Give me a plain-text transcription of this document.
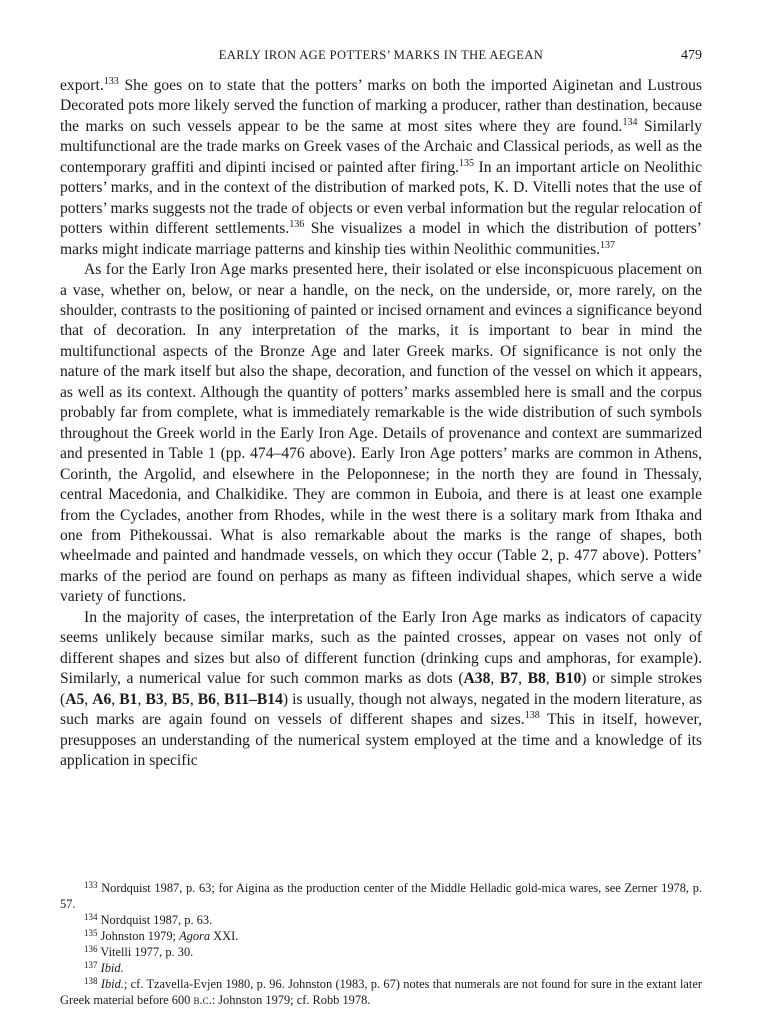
EARLY IRON AGE POTTERS’ MARKS IN THE AEGEAN	479

export.$^{133}$ She goes on to state that the potters’ marks on both the imported Aiginetan and Lustrous Decorated pots more likely served the function of marking a producer, rather than destination, because the marks on such vessels appear to be the same at most sites where they are found.$^{134}$ Similarly multifunctional are the trade marks on Greek vases of the Archaic and Classical periods, as well as the contemporary graffiti and dipinti incised or painted after firing.$^{135}$ In an important article on Neolithic potters’ marks, and in the context of the distribution of marked pots, K. D. Vitelli notes that the use of potters’ marks suggests not the trade of objects or even verbal information but the regular relocation of potters within different settlements.$^{136}$ She visualizes a model in which the distribution of potters’ marks might indicate marriage patterns and kinship ties within Neolithic communities.$^{137}$

As for the Early Iron Age marks presented here, their isolated or else inconspicuous placement on a vase, whether on, below, or near a handle, on the neck, on the underside, or, more rarely, on the shoulder, contrasts to the positioning of painted or incised ornament and evinces a significance beyond that of decoration. In any interpretation of the marks, it is important to bear in mind the multifunctional aspects of the Bronze Age and later Greek marks. Of significance is not only the nature of the mark itself but also the shape, decoration, and function of the vessel on which it appears, as well as its context. Although the quantity of potters’ marks assembled here is small and the corpus probably far from complete, what is immediately remarkable is the wide distribution of such symbols throughout the Greek world in the Early Iron Age. Details of provenance and context are summarized and presented in Table 1 (pp. 474–476 above). Early Iron Age potters’ marks are common in Athens, Corinth, the Argolid, and elsewhere in the Peloponnese; in the north they are found in Thessaly, central Macedonia, and Chalkidike. They are common in Euboia, and there is at least one example from the Cyclades, another from Rhodes, while in the west there is a solitary mark from Ithaka and one from Pithekoussai. What is also remarkable about the marks is the range of shapes, both wheelmade and painted and handmade vessels, on which they occur (Table 2, p. 477 above). Potters’ marks of the period are found on perhaps as many as fifteen individual shapes, which serve a wide variety of functions.

In the majority of cases, the interpretation of the Early Iron Age marks as indicators of capacity seems unlikely because similar marks, such as the painted crosses, appear on vases not only of different shapes and sizes but also of different function (drinking cups and amphoras, for example). Similarly, a numerical value for such common marks as dots (A38, B7, B8, B10) or simple strokes (A5, A6, B1, B3, B5, B6, B11–B14) is usually, though not always, negated in the modern literature, as such marks are again found on vessels of different shapes and sizes.$^{138}$ This in itself, however, presupposes an understanding of the numerical system employed at the time and a knowledge of its application in specific

$^{133}$ Nordquist 1987, p. 63; for Aigina as the production center of the Middle Helladic gold-mica wares, see Zerner 1978, p. 57.

$^{134}$ Nordquist 1987, p. 63.

$^{135}$ Johnston 1979; Agora XXI.

$^{136}$ Vitelli 1977, p. 30.

$^{137}$ Ibid.

$^{138}$ Ibid.; cf. Tzavella-Evjen 1980, p. 96. Johnston (1983, p. 67) notes that numerals are not found for sure in the extant later Greek material before 600 b.c.: Johnston 1979; cf. Robb 1978.
